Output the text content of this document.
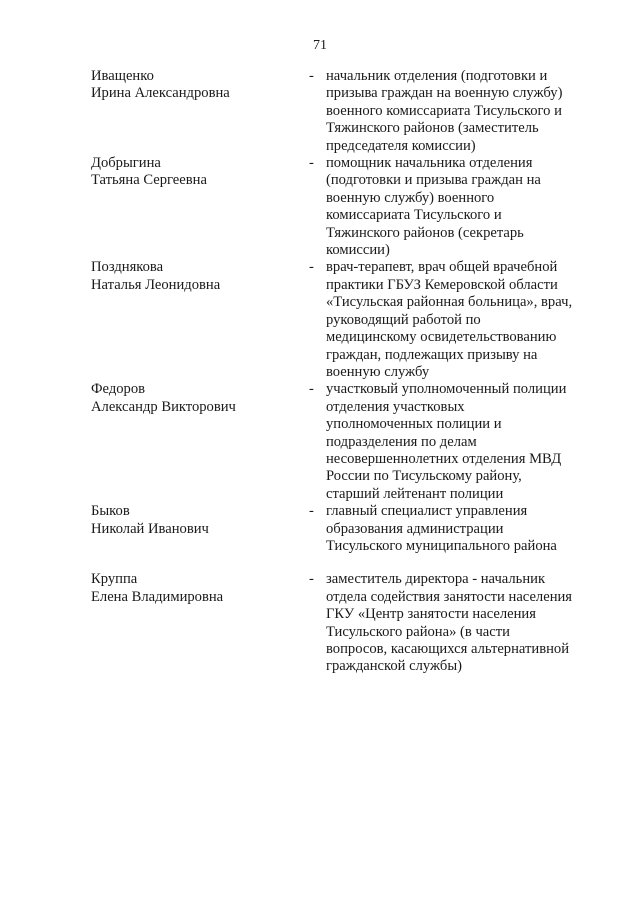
71
Иващенко
Ирина Александровна
- начальник отделения (подготовки и
призыва граждан на военную службу)
военного комиссариата Тисульского и
Тяжинского районов (заместитель
председателя комиссии)
Добрыгина
Татьяна Сергеевна
- помощник начальника отделения
(подготовки и призыва граждан на
военную службу) военного
комиссариата Тисульского и
Тяжинского районов (секретарь
комиссии)
Позднякова
Наталья Леонидовна
- врач-терапевт, врач общей врачебной
практики ГБУЗ Кемеровской области
«Тисульская районная больница», врач,
руководящий работой по
медицинскому освидетельствованию
граждан, подлежащих призыву на
военную службу
Федоров
Александр Викторович
- участковый уполномоченный полиции
отделения участковых
уполномоченных полиции и
подразделения по делам
несовершеннолетних отделения МВД
России по Тисульскому району,
старший лейтенант полиции
Быков
Николай Иванович
- главный специалист управления
образования администрации
Тисульского муниципального района
Круппа
Елена Владимировна
- заместитель директора - начальник
отдела содействия занятости населения
ГКУ «Центр занятости населения
Тисульского района» (в части
вопросов, касающихся альтернативной
гражданской службы)
